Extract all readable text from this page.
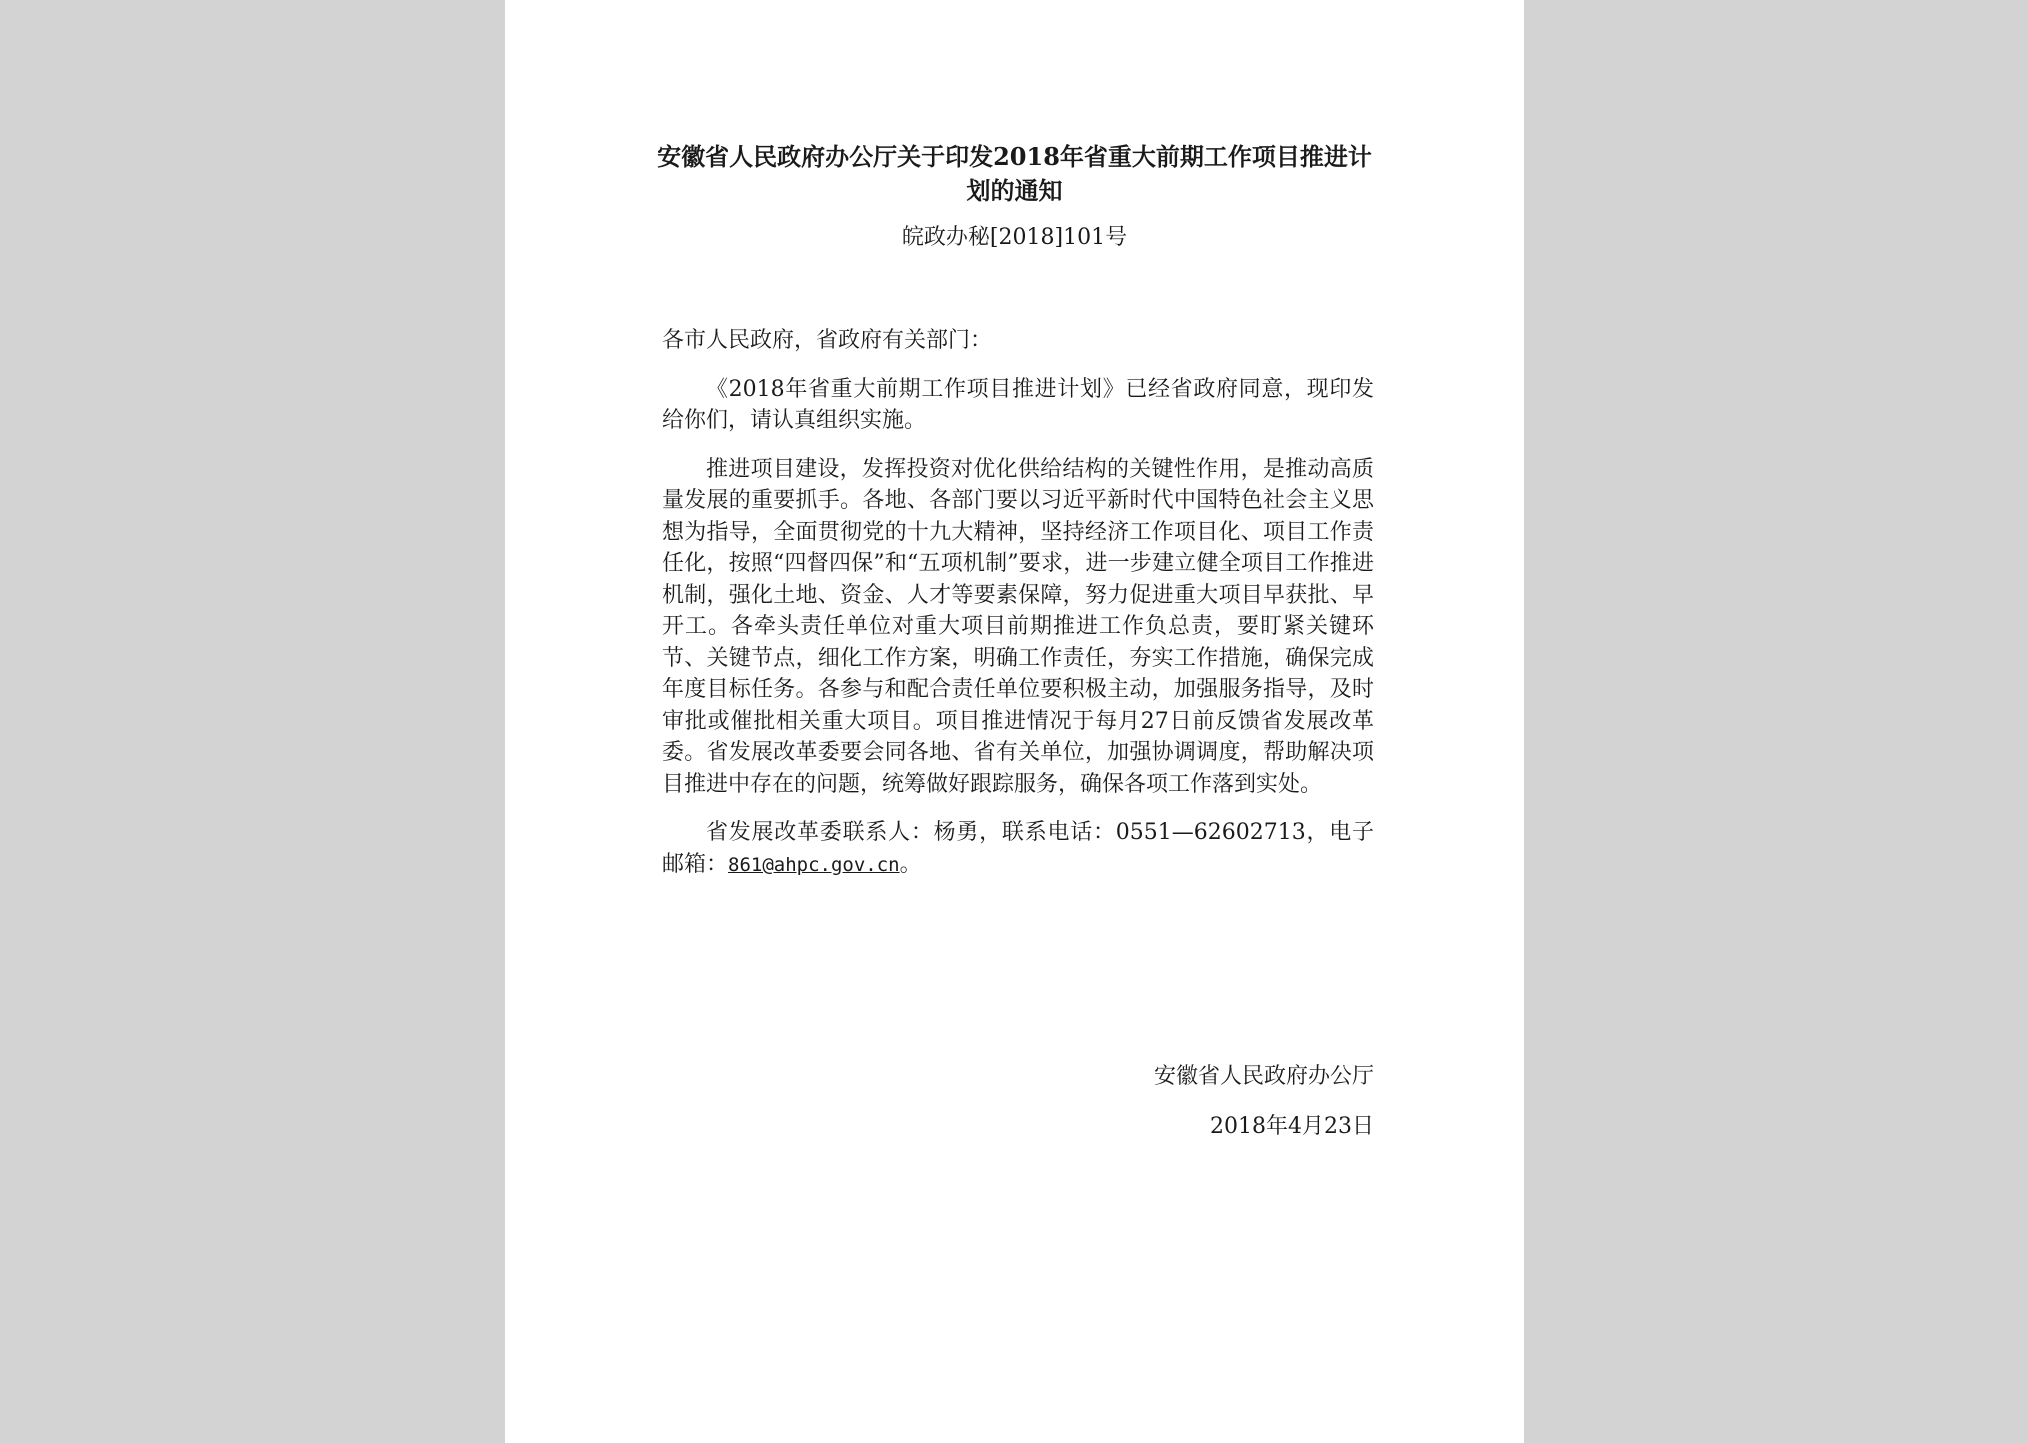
安徽省人民政府办公厅关于印发2018年省重大前期工作项目推进计划的通知
皖政办秘[2018]101号

各市人民政府，省政府有关部门：

《2018年省重大前期工作项目推进计划》已经省政府同意，现印发给你们，请认真组织实施。

推进项目建设，发挥投资对优化供给结构的关键性作用，是推动高质量发展的重要抓手。各地、各部门要以习近平新时代中国特色社会主义思想为指导，全面贯彻党的十九大精神，坚持经济工作项目化、项目工作责任化，按照“四督四保”和“五项机制”要求，进一步建立健全项目工作推进机制，强化土地、资金、人才等要素保障，努力促进重大项目早获批、早开工。各牵头责任单位对重大项目前期推进工作负总责，要盯紧关键环节、关键节点，细化工作方案，明确工作责任，夯实工作措施，确保完成年度目标任务。各参与和配合责任单位要积极主动，加强服务指导，及时审批或催批相关重大项目。项目推进情况于每月27日前反馈省发展改革委。省发展改革委要会同各地、省有关单位，加强协调调度，帮助解决项目推进中存在的问题，统筹做好跟踪服务，确保各项工作落到实处。

省发展改革委联系人：杨勇，联系电话：0551—62602713，电子邮箱：861@ahpc.gov.cn。

安徽省人民政府办公厅
2018年4月23日
